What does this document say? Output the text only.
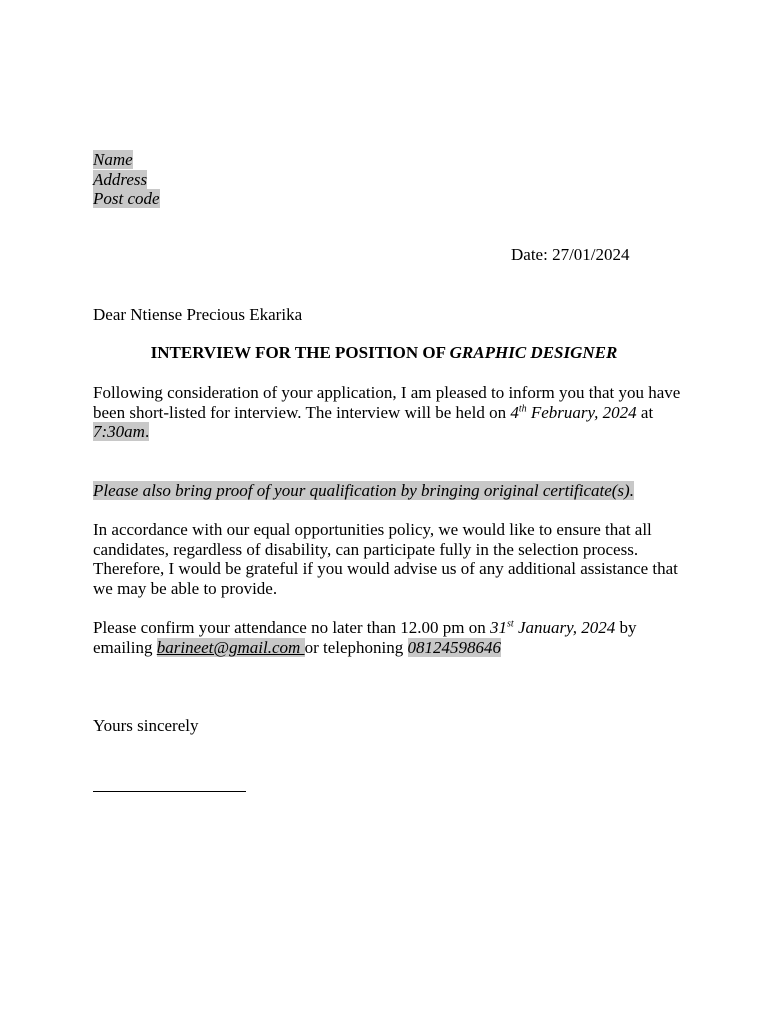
Name
Address
Post code
Date: 27/01/2024
Dear Ntiense Precious Ekarika
INTERVIEW FOR THE POSITION OF GRAPHIC DESIGNER

Following consideration of your application, I am pleased to inform you that you have been short-listed for interview. The interview will be held on 4th February, 2024 at 7:30am.

Please also bring proof of your qualification by bringing original certificate(s).

In accordance with our equal opportunities policy, we would like to ensure that all candidates, regardless of disability, can participate fully in the selection process. Therefore, I would be grateful if you would advise us of any additional assistance that we may be able to provide.

Please confirm your attendance no later than 12.00 pm on 31st January, 2024 by emailing barineet@gmail.com or telephoning 08124598646

Yours sincerely
